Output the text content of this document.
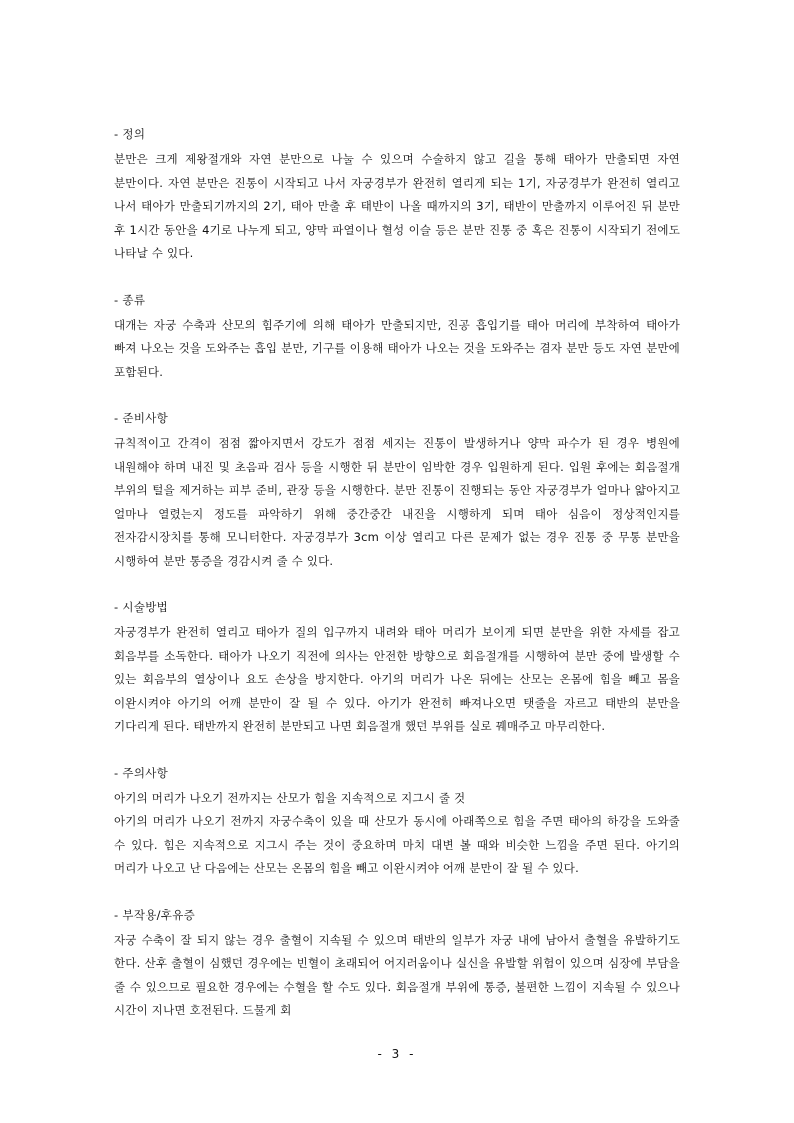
- 정의

분만은 크게 제왕절개와 자연 분만으로 나눌 수 있으며 수술하지 않고 길을 통해 태아가 만출되면 자연 분만이다. 자연 분만은 진통이 시작되고 나서 자궁경부가 완전히 열리게 되는 1기, 자궁경부가 완전히 열리고 나서 태아가 만출되기까지의 2기, 태아 만출 후 태반이 나올 때까지의 3기, 태반이 만출까지 이루어진 뒤 분만 후 1시간 동안을 4기로 나누게 되고, 양막 파열이나 혈성 이슬 등은 분만 진통 중 혹은 진통이 시작되기 전에도 나타날 수 있다.

- 종류

대개는 자궁 수축과 산모의 힘주기에 의해 태아가 만출되지만, 진공 흡입기를 태아 머리에 부착하여 태아가 빠져 나오는 것을 도와주는 흡입 분만, 기구를 이용해 태아가 나오는 것을 도와주는 겸자 분만 등도 자연 분만에 포함된다.

- 준비사항

규칙적이고 간격이 점점 짧아지면서 강도가 점점 세지는 진통이 발생하거나 양막 파수가 된 경우 병원에 내원해야 하며 내진 및 초음파 검사 등을 시행한 뒤 분만이 임박한 경우 입원하게 된다. 입원 후에는 회음절개 부위의 털을 제거하는 피부 준비, 관장 등을 시행한다. 분만 진통이 진행되는 동안 자궁경부가 얼마나 얇아지고 얼마나 열렸는지 정도를 파악하기 위해 중간중간 내진을 시행하게 되며 태아 심음이 정상적인지를 전자감시장치를 통해 모니터한다. 자궁경부가 3cm 이상 열리고 다른 문제가 없는 경우 진통 중 무통 분만을 시행하여 분만 통증을 경감시켜 줄 수 있다.

- 시술방법

자궁경부가 완전히 열리고 태아가 질의 입구까지 내려와 태아 머리가 보이게 되면 분만을 위한 자세를 잡고 회음부를 소독한다. 태아가 나오기 직전에 의사는 안전한 방향으로 회음절개를 시행하여 분만 중에 발생할 수 있는 회음부의 열상이나 요도 손상을 방지한다. 아기의 머리가 나온 뒤에는 산모는 온몸에 힘을 빼고 몸을 이완시켜야 아기의 어깨 분만이 잘 될 수 있다. 아기가 완전히 빠져나오면 탯줄을 자르고 태반의 분만을 기다리게 된다. 태반까지 완전히 분만되고 나면 회음절개 했던 부위를 실로 꿰매주고 마무리한다.

- 주의사항

아기의 머리가 나오기 전까지는 산모가 힘을 지속적으로 지그시 줄 것

아기의 머리가 나오기 전까지 자궁수축이 있을 때 산모가 동시에 아래쪽으로 힘을 주면 태아의 하강을 도와줄 수 있다. 힘은 지속적으로 지그시 주는 것이 중요하며 마치 대변 볼 때와 비슷한 느낌을 주면 된다. 아기의 머리가 나오고 난 다음에는 산모는 온몸의 힘을 빼고 이완시켜야 어깨 분만이 잘 될 수 있다.

- 부작용/후유증

자궁 수축이 잘 되지 않는 경우 출혈이 지속될 수 있으며 태반의 일부가 자궁 내에 남아서 출혈을 유발하기도 한다. 산후 출혈이 심했던 경우에는 빈혈이 초래되어 어지러움이나 실신을 유발할 위험이 있으며 심장에 부담을 줄 수 있으므로 필요한 경우에는 수혈을 할 수도 있다. 회음절개 부위에 통증, 불편한 느낌이 지속될 수 있으나 시간이 지나면 호전된다. 드물게 회

- 3 -
